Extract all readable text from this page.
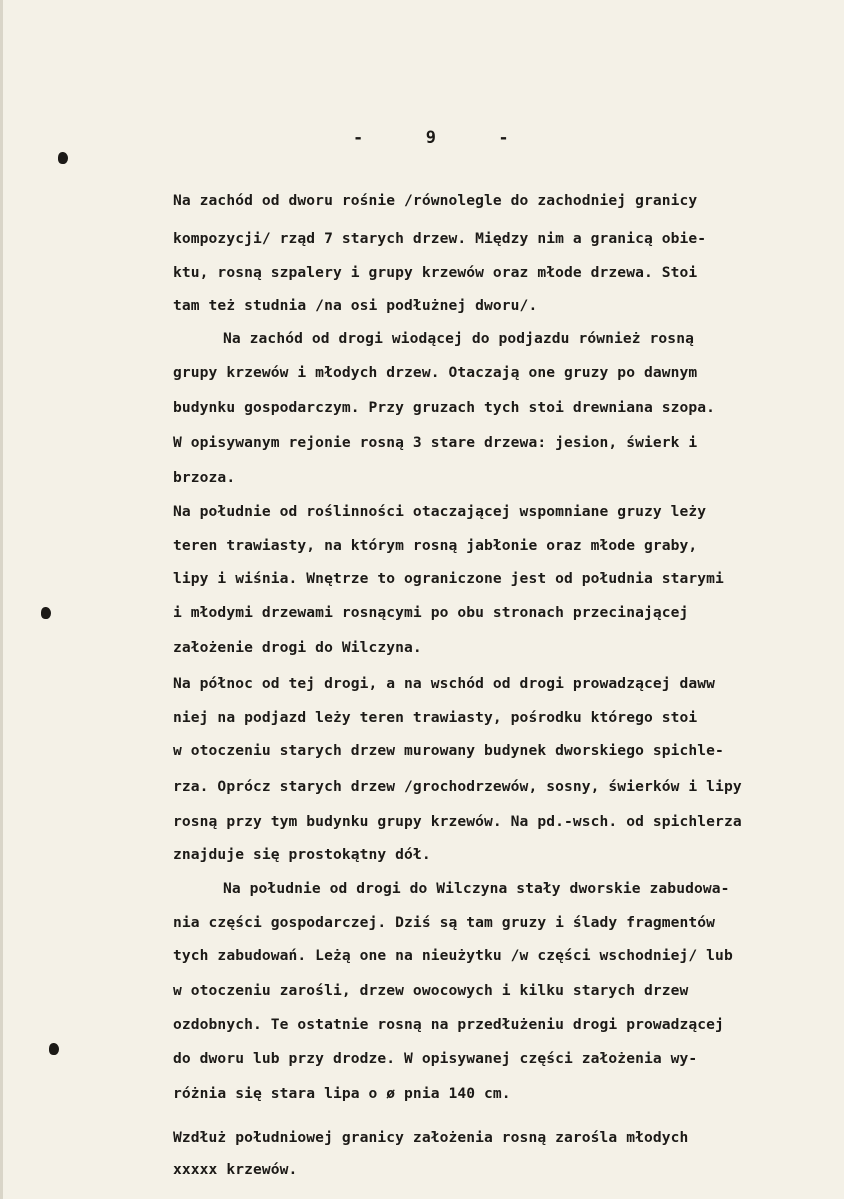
-  9  -
Na zachód od dworu rośnie /równolegle do zachodniej granicy
kompozycji/ rząd 7 starych drzew. Między nim a granicą obie-
ktu, rosną szpalery i grupy krzewów oraz młode drzewa. Stoi
tam też studnia /na osi podłużnej dworu/.
Na zachód od drogi wiodącej do podjazdu również rosną
grupy krzewów i młodych drzew. Otaczają one gruzy po dawnym
budynku gospodarczym. Przy gruzach tych stoi drewniana szopa.
W opisywanym rejonie rosną 3 stare drzewa: jesion, świerk i
brzoza.
Na południe od roślinności otaczającej wspomniane gruzy leży
teren trawiasty, na którym rosną jabłonie oraz młode graby,
lipy i wiśnia. Wnętrze to ograniczone jest od południa starymi
i młodymi drzewami rosnącymi po obu stronach przecinającej
założenie drogi do Wilczyna.
Na północ od tej drogi, a na wschód od drogi prowadzącej daww
niej na podjazd leży teren trawiasty, pośrodku którego stoi
w otoczeniu starych drzew murowany budynek dworskiego spichle-
rza. Oprócz starych drzew /grochodrzewów, sosny, świerków i lipy
rosną przy tym budynku grupy krzewów. Na pd.-wsch. od spichlerza
znajduje się prostokątny dół.
Na południe od drogi do Wilczyna stały dworskie zabudowa-
nia części gospodarczej. Dziś są tam gruzy i ślady fragmentów
tych zabudowań. Leżą one na nieużytku /w części wschodniej/ lub
w otoczeniu zarośli, drzew owocowych i kilku starych drzew
ozdobnych. Te ostatnie rosną na przedłużeniu drogi prowadzącej
do dworu lub przy drodze. W opisywanej części założenia wy-
różnia się stara lipa o ø pnia 140 cm.
Wzdłuż południowej granicy założenia rosną zarośla młodych
xxxxx krzewów.
